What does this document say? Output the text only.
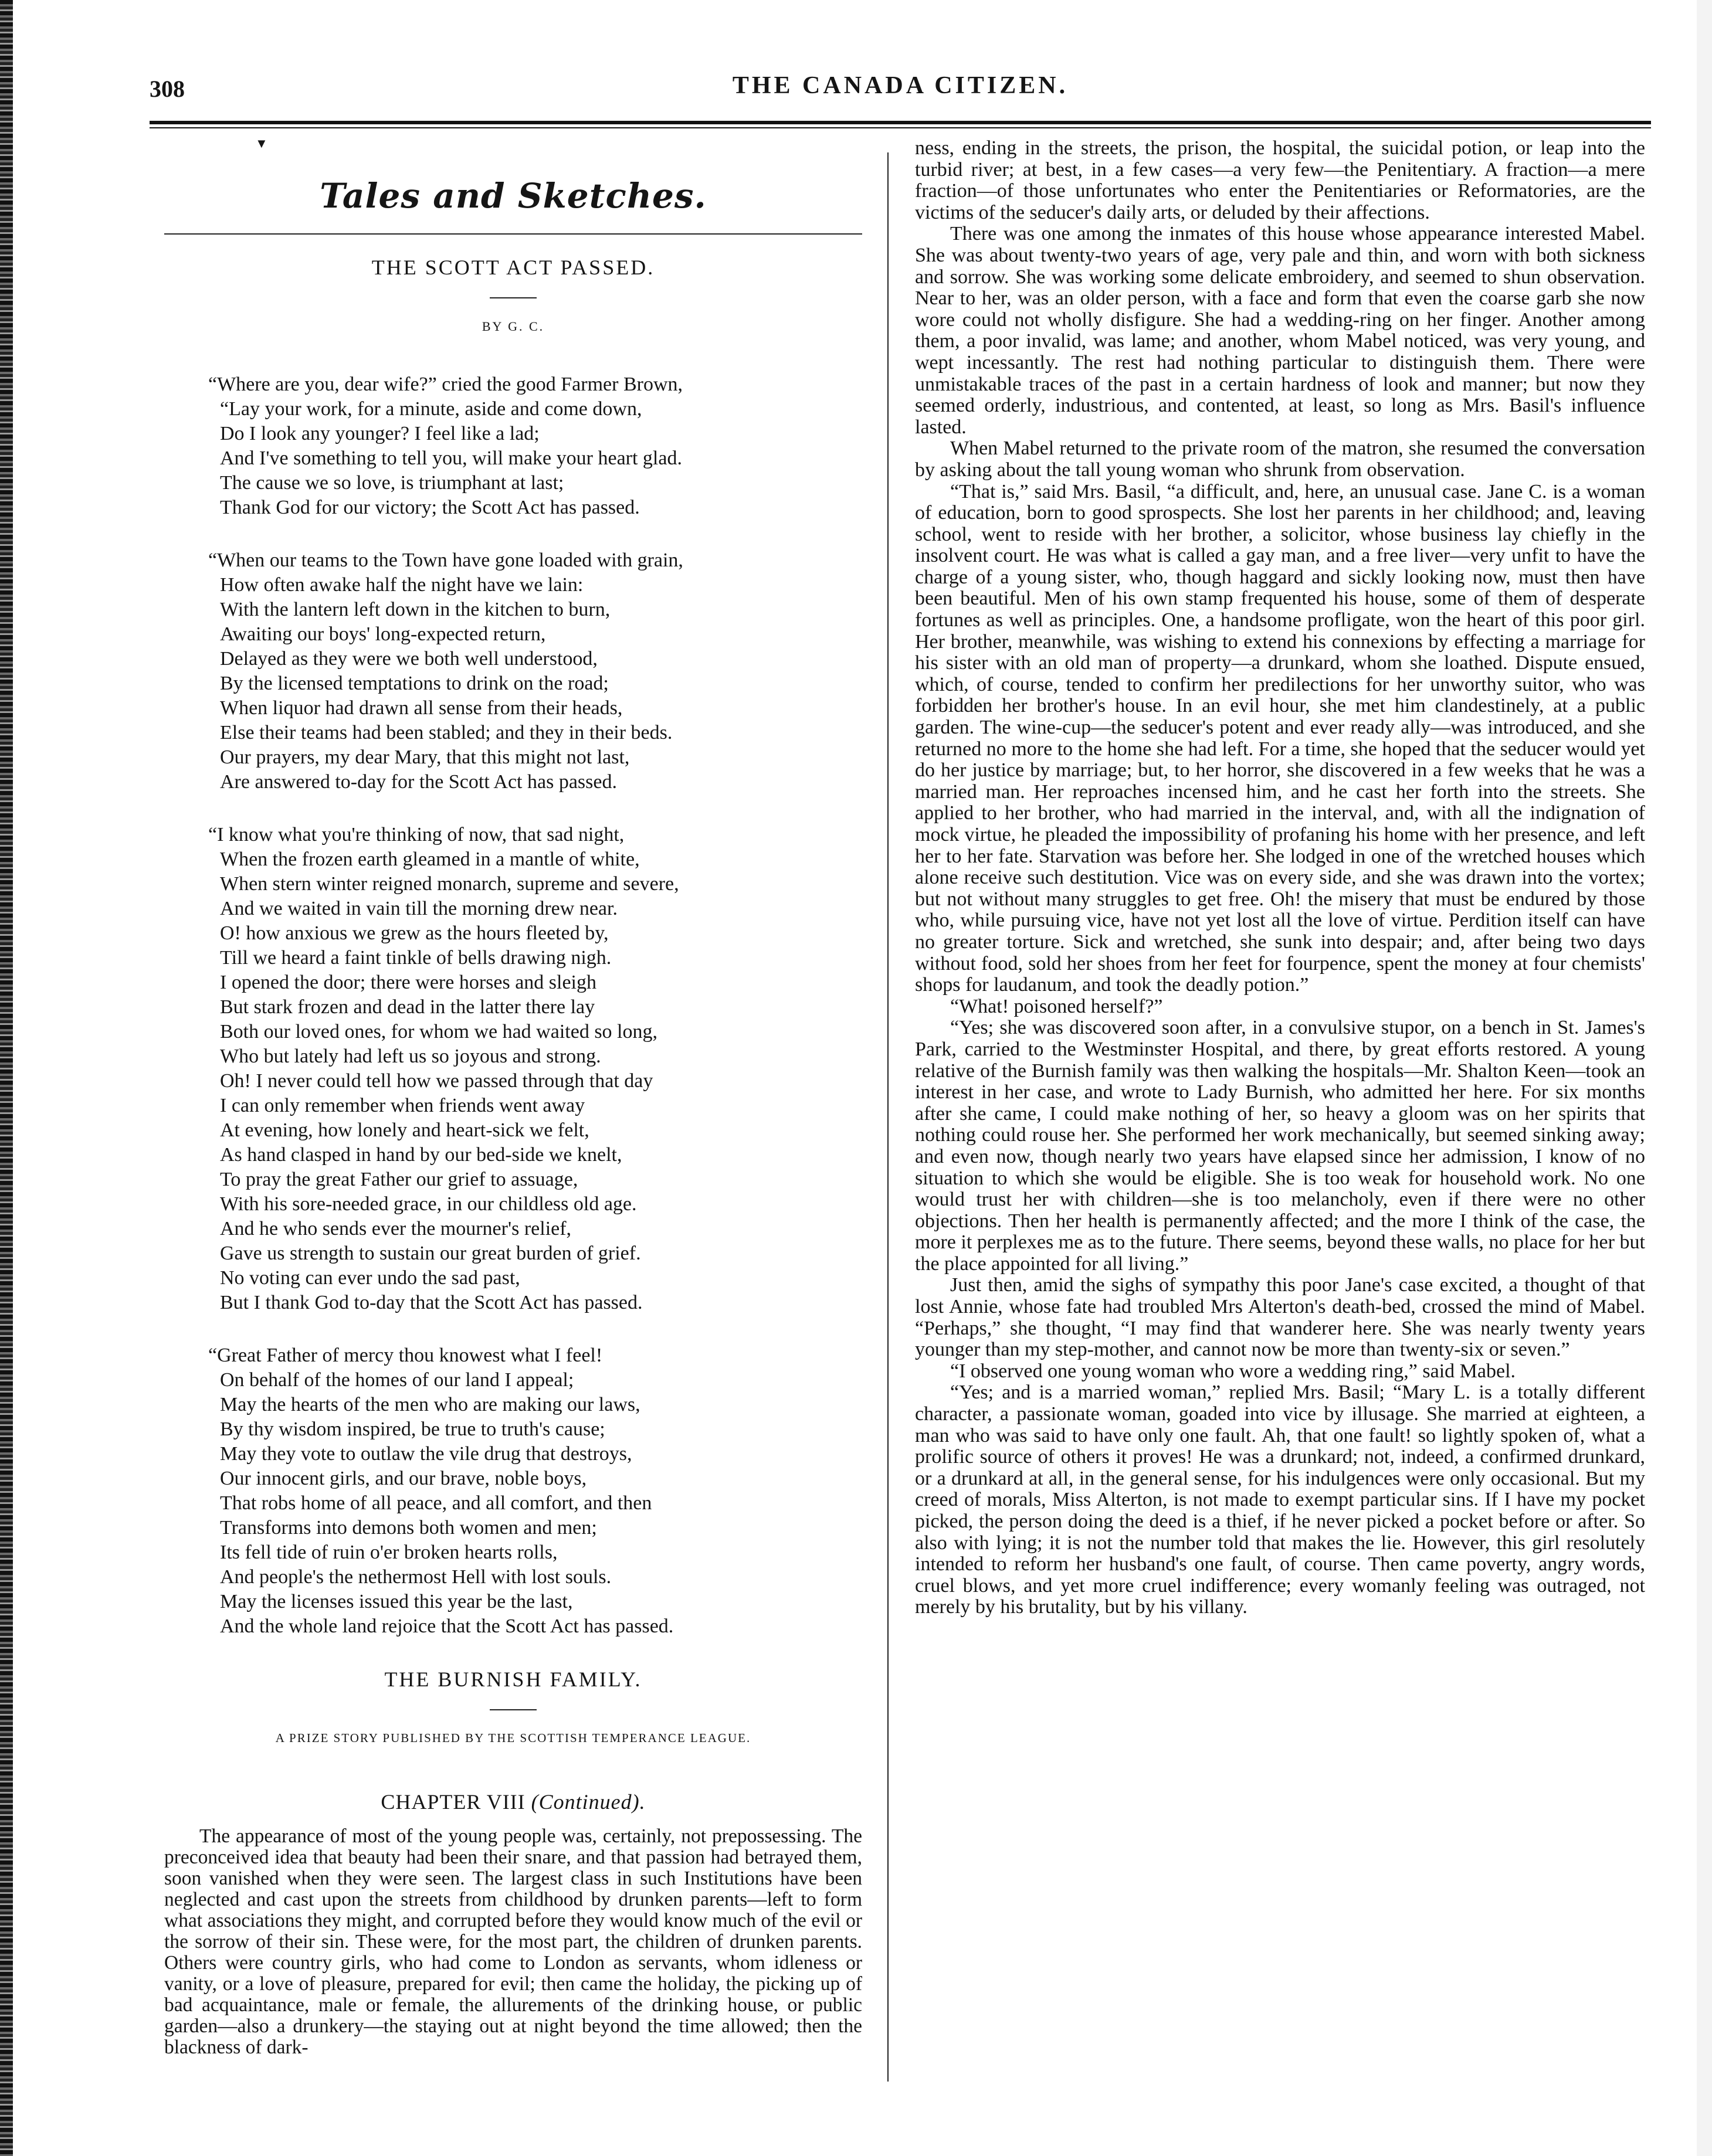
308	THE CANADA CITIZEN.
▼
Tales and Sketches.
THE SCOTT ACT PASSED.
BY G. C.
“Where are you, dear wife?” cried the good Farmer Brown,
“Lay your work, for a minute, aside and come down,
Do I look any younger? I feel like a lad;
And I've something to tell you, will make your heart glad.
The cause we so love, is triumphant at last;
Thank God for our victory; the Scott Act has passed.
“When our teams to the Town have gone loaded with grain,
How often awake half the night have we lain:
With the lantern left down in the kitchen to burn,
Awaiting our boys' long-expected return,
Delayed as they were we both well understood,
By the licensed temptations to drink on the road;
When liquor had drawn all sense from their heads,
Else their teams had been stabled; and they in their beds.
Our prayers, my dear Mary, that this might not last,
Are answered to-day for the Scott Act has passed.
“I know what you're thinking of now, that sad night,
When the frozen earth gleamed in a mantle of white,
When stern winter reigned monarch, supreme and severe,
And we waited in vain till the morning drew near.
O! how anxious we grew as the hours fleeted by,
Till we heard a faint tinkle of bells drawing nigh.
I opened the door; there were horses and sleigh
But stark frozen and dead in the latter there lay
Both our loved ones, for whom we had waited so long,
Who but lately had left us so joyous and strong.
Oh! I never could tell how we passed through that day
I can only remember when friends went away
At evening, how lonely and heart-sick we felt,
As hand clasped in hand by our bed-side we knelt,
To pray the great Father our grief to assuage,
With his sore-needed grace, in our childless old age.
And he who sends ever the mourner's relief,
Gave us strength to sustain our great burden of grief.
No voting can ever undo the sad past,
But I thank God to-day that the Scott Act has passed.
“Great Father of mercy thou knowest what I feel!
On behalf of the homes of our land I appeal;
May the hearts of the men who are making our laws,
By thy wisdom inspired, be true to truth's cause;
May they vote to outlaw the vile drug that destroys,
Our innocent girls, and our brave, noble boys,
That robs home of all peace, and all comfort, and then
Transforms into demons both women and men;
Its fell tide of ruin o'er broken hearts rolls,
And people's the nethermost Hell with lost souls.
May the licenses issued this year be the last,
And the whole land rejoice that the Scott Act has passed.
THE BURNISH FAMILY.
A PRIZE STORY PUBLISHED BY THE SCOTTISH TEMPERANCE LEAGUE.
CHAPTER VIII (Continued).

The appearance of most of the young people was, certainly, not prepossessing. The preconceived idea that beauty had been their snare, and that passion had betrayed them, soon vanished when they were seen. The largest class in such Institutions have been neglected and cast upon the streets from childhood by drunken parents—left to form what associations they might, and corrupted before they would know much of the evil or the sorrow of their sin. These were, for the most part, the children of drunken parents. Others were country girls, who had come to London as servants, whom idleness or vanity, or a love of pleasure, prepared for evil; then came the holiday, the picking up of bad acquaintance, male or female, the allurements of the drinking house, or public garden—also a drunkery—the staying out at night beyond the time allowed; then the blackness of dark-

ness, ending in the streets, the prison, the hospital, the suicidal potion, or leap into the turbid river; at best, in a few cases—a very few—the Penitentiary. A fraction—a mere fraction—of those unfortunates who enter the Penitentiaries or Reformatories, are the victims of the seducer's daily arts, or deluded by their affections.

There was one among the inmates of this house whose appearance interested Mabel. She was about twenty-two years of age, very pale and thin, and worn with both sickness and sorrow. She was working some delicate embroidery, and seemed to shun observation. Near to her, was an older person, with a face and form that even the coarse garb she now wore could not wholly disfigure. She had a wedding-ring on her finger. Another among them, a poor invalid, was lame; and another, whom Mabel noticed, was very young, and wept incessantly. The rest had nothing particular to distinguish them. There were unmistakable traces of the past in a certain hardness of look and manner; but now they seemed orderly, industrious, and contented, at least, so long as Mrs. Basil's influence lasted.

When Mabel returned to the private room of the matron, she resumed the conversation by asking about the tall young woman who shrunk from observation.

“That is,” said Mrs. Basil, “a difficult, and, here, an unusual case. Jane C. is a woman of education, born to good sprospects. She lost her parents in her childhood; and, leaving school, went to reside with her brother, a solicitor, whose business lay chiefly in the insolvent court. He was what is called a gay man, and a free liver—very unfit to have the charge of a young sister, who, though haggard and sickly looking now, must then have been beautiful. Men of his own stamp frequented his house, some of them of desperate fortunes as well as principles. One, a handsome profligate, won the heart of this poor girl. Her brother, meanwhile, was wishing to extend his connexions by effecting a marriage for his sister with an old man of property—a drunkard, whom she loathed. Dispute ensued, which, of course, tended to confirm her predilections for her unworthy suitor, who was forbidden her brother's house. In an evil hour, she met him clandestinely, at a public garden. The wine-cup—the seducer's potent and ever ready ally—was introduced, and she returned no more to the home she had left. For a time, she hoped that the seducer would yet do her justice by marriage; but, to her horror, she discovered in a few weeks that he was a married man. Her reproaches incensed him, and he cast her forth into the streets. She applied to her brother, who had married in the interval, and, with all the indignation of mock virtue, he pleaded the impossibility of profaning his home with her presence, and left her to her fate. Starvation was before her. She lodged in one of the wretched houses which alone receive such destitution. Vice was on every side, and she was drawn into the vortex; but not without many struggles to get free. Oh! the misery that must be endured by those who, while pursuing vice, have not yet lost all the love of virtue. Perdition itself can have no greater torture. Sick and wretched, she sunk into despair; and, after being two days without food, sold her shoes from her feet for fourpence, spent the money at four chemists' shops for laudanum, and took the deadly potion.”

“What! poisoned herself?”

“Yes; she was discovered soon after, in a convulsive stupor, on a bench in St. James's Park, carried to the Westminster Hospital, and there, by great efforts restored. A young relative of the Burnish family was then walking the hospitals—Mr. Shalton Keen—took an interest in her case, and wrote to Lady Burnish, who admitted her here. For six months after she came, I could make nothing of her, so heavy a gloom was on her spirits that nothing could rouse her. She performed her work mechanically, but seemed sinking away; and even now, though nearly two years have elapsed since her admission, I know of no situation to which she would be eligible. She is too weak for household work. No one would trust her with children—she is too melancholy, even if there were no other objections. Then her health is permanently affected; and the more I think of the case, the more it perplexes me as to the future. There seems, beyond these walls, no place for her but the place appointed for all living.”

Just then, amid the sighs of sympathy this poor Jane's case excited, a thought of that lost Annie, whose fate had troubled Mrs Alterton's death-bed, crossed the mind of Mabel. “Perhaps,” she thought, “I may find that wanderer here. She was nearly twenty years younger than my step-mother, and cannot now be more than twenty-six or seven.”

“I observed one young woman who wore a wedding ring,” said Mabel.

“Yes; and is a married woman,” replied Mrs. Basil; “Mary L. is a totally different character, a passionate woman, goaded into vice by illusage. She married at eighteen, a man who was said to have only one fault. Ah, that one fault! so lightly spoken of, what a prolific source of others it proves! He was a drunkard; not, indeed, a confirmed drunkard, or a drunkard at all, in the general sense, for his indulgences were only occasional. But my creed of morals, Miss Alterton, is not made to exempt particular sins. If I have my pocket picked, the person doing the deed is a thief, if he never picked a pocket before or after. So also with lying; it is not the number told that makes the lie. However, this girl resolutely intended to reform her husband's one fault, of course. Then came poverty, angry words, cruel blows, and yet more cruel indifference; every womanly feeling was outraged, not merely by his brutality, but by his villany.
